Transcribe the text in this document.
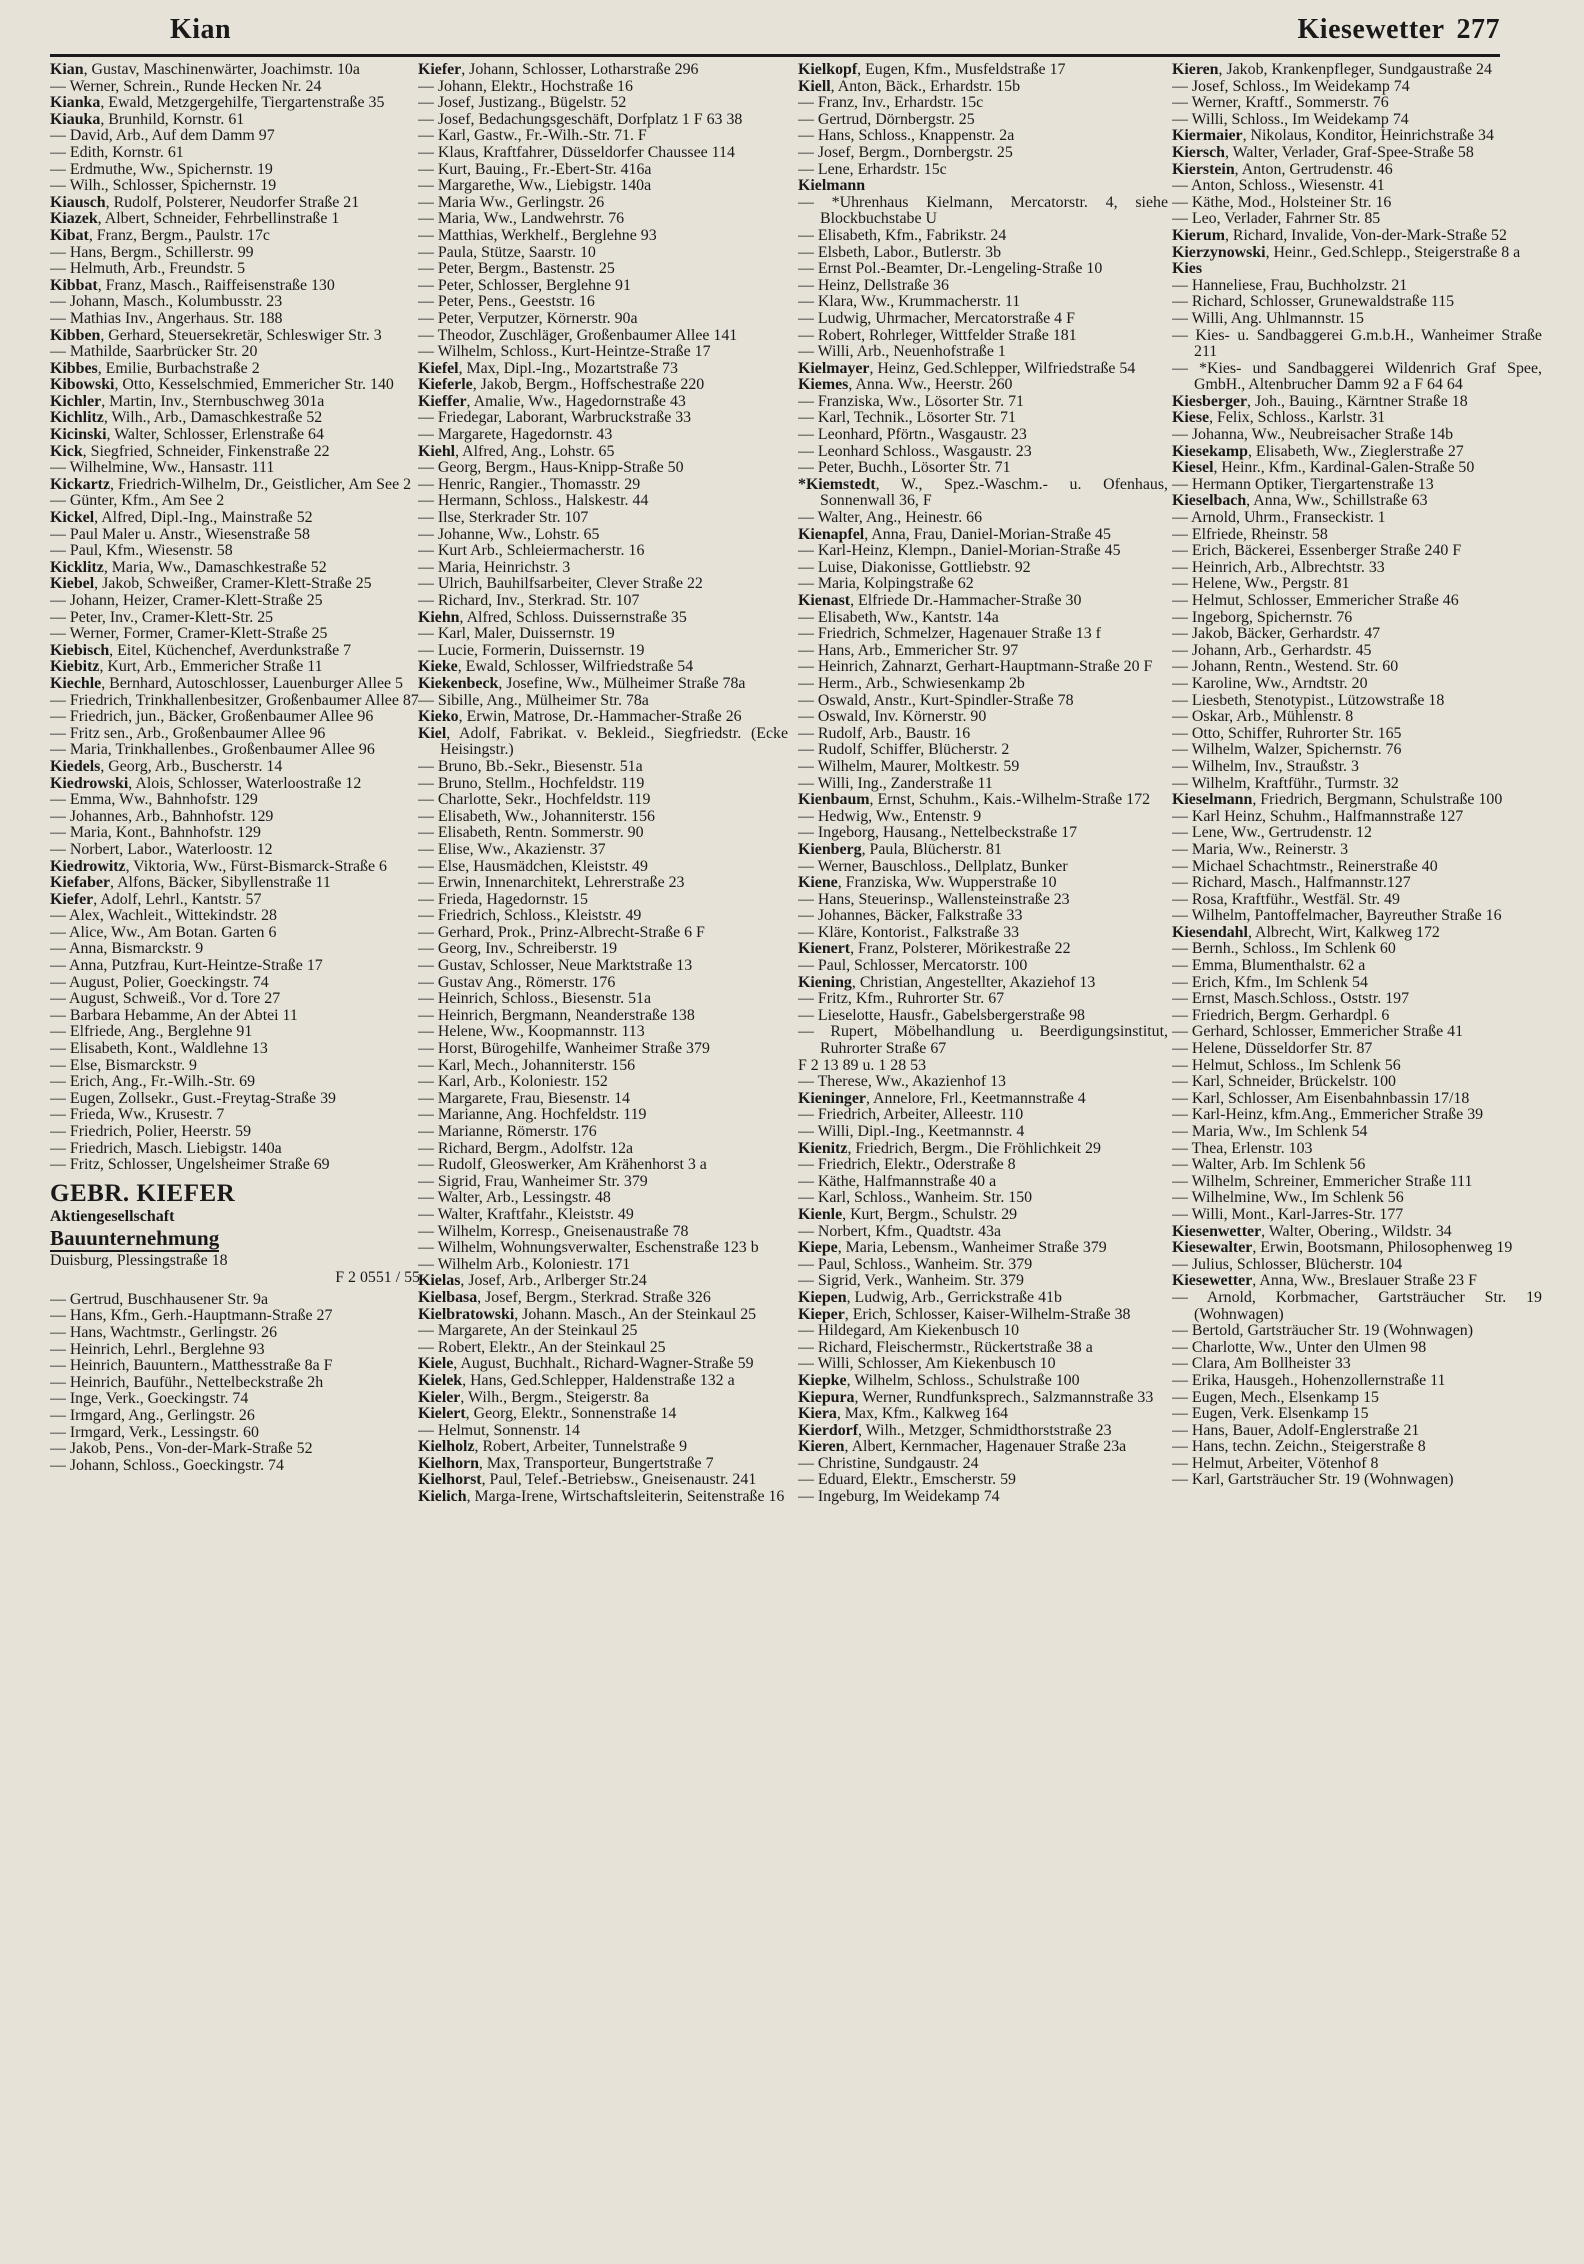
Kian	Kiesewetter 277

Kian, Gustav, Maschinenwärter, Joachimstr. 10a

— Werner, Schrein., Runde Hecken Nr. 24

Kianka, Ewald, Metzgergehilfe, Tiergartenstraße 35

Kiauka, Brunhild, Kornstr. 61

— David, Arb., Auf dem Damm 97

— Edith, Kornstr. 61

— Erdmuthe, Ww., Spichernstr. 19

— Wilh., Schlosser, Spichernstr. 19

Kiausch, Rudolf, Polsterer, Neudorfer Straße 21

Kiazek, Albert, Schneider, Fehrbellinstraße 1

Kibat, Franz, Bergm., Paulstr. 17c

— Hans, Bergm., Schillerstr. 99

— Helmuth, Arb., Freundstr. 5

Kibbat, Franz, Masch., Raiffeisenstraße 130

— Johann, Masch., Kolumbusstr. 23

— Mathias Inv., Angerhaus. Str. 188

Kibben, Gerhard, Steuersekretär, Schleswiger Str. 3

— Mathilde, Saarbrücker Str. 20

Kibbes, Emilie, Burbachstraße 2

Kibowski, Otto, Kesselschmied, Emmericher Str. 140

Kichler, Martin, Inv., Sternbuschweg 301a

Kichlitz, Wilh., Arb., Damaschkestraße 52

Kicinski, Walter, Schlosser, Erlenstraße 64

Kick, Siegfried, Schneider, Finkenstraße 22

— Wilhelmine, Ww., Hansastr. 111

Kickartz, Friedrich-Wilhelm, Dr., Geistlicher, Am See 2

— Günter, Kfm., Am See 2

Kickel, Alfred, Dipl.-Ing., Mainstraße 52

— Paul Maler u. Anstr., Wiesenstraße 58

— Paul, Kfm., Wiesenstr. 58

Kicklitz, Maria, Ww., Damaschkestraße 52

Kiebel, Jakob, Schweißer, Cramer-Klett-Straße 25

— Johann, Heizer, Cramer-Klett-Straße 25

— Peter, Inv., Cramer-Klett-Str. 25

— Werner, Former, Cramer-Klett-Straße 25

Kiebisch, Eitel, Küchenchef, Averdunkstraße 7

Kiebitz, Kurt, Arb., Emmericher Straße 11

Kiechle, Bernhard, Autoschlosser, Lauenburger Allee 5

— Friedrich, Trinkhallenbesitzer, Großenbaumer Allee 87

— Friedrich, jun., Bäcker, Großenbaumer Allee 96

— Fritz sen., Arb., Großenbaumer Allee 96

— Maria, Trinkhallenbes., Großenbaumer Allee 96

Kiedels, Georg, Arb., Buscherstr. 14

Kiedrowski, Alois, Schlosser, Waterloostraße 12

— Emma, Ww., Bahnhofstr. 129

— Johannes, Arb., Bahnhofstr. 129

— Maria, Kont., Bahnhofstr. 129

— Norbert, Labor., Waterloostr. 12

Kiedrowitz, Viktoria, Ww., Fürst-Bismarck-Straße 6

Kiefaber, Alfons, Bäcker, Sibyllenstraße 11

Kiefer, Adolf, Lehrl., Kantstr. 57

— Alex, Wachleit., Wittekindstr. 28

— Alice, Ww., Am Botan. Garten 6

— Anna, Bismarckstr. 9

— Anna, Putzfrau, Kurt-Heintze-Straße 17

— August, Polier, Goeckingstr. 74

— August, Schweiß., Vor d. Tore 27

— Barbara Hebamme, An der Abtei 11

— Elfriede, Ang., Berglehne 91

— Elisabeth, Kont., Waldlehne 13

— Else, Bismarckstr. 9

— Erich, Ang., Fr.-Wilh.-Str. 69

— Eugen, Zollsekr., Gust.-Freytag-Straße 39

— Frieda, Ww., Krusestr. 7

— Friedrich, Polier, Heerstr. 59

— Friedrich, Masch. Liebigstr. 140a

— Fritz, Schlosser, Ungelsheimer Straße 69

GEBR. KIEFER
Aktiengesellschaft
Bauunternehmung
Duisburg, Plessingstraße 18
F 2 0551 / 55

— Gertrud, Buschhausener Str. 9a

— Hans, Kfm., Gerh.-Hauptmann-Straße 27

— Hans, Wachtmstr., Gerlingstr. 26

— Heinrich, Lehrl., Berglehne 93

— Heinrich, Bauuntern., Matthesstraße 8a F

— Heinrich, Bauführ., Nettelbeckstraße 2h

— Inge, Verk., Goeckingstr. 74

— Irmgard, Ang., Gerlingstr. 26

— Irmgard, Verk., Lessingstr. 60

— Jakob, Pens., Von-der-Mark-Straße 52

— Johann, Schloss., Goeckingstr. 74

Kiefer, Johann, Schlosser, Lotharstraße 296

— Johann, Elektr., Hochstraße 16

— Josef, Justizang., Bügelstr. 52

— Josef, Bedachungsgeschäft, Dorfplatz 1 F 63 38

— Karl, Gastw., Fr.-Wilh.-Str. 71. F

— Klaus, Kraftfahrer, Düsseldorfer Chaussee 114

— Kurt, Bauing., Fr.-Ebert-Str. 416a

— Margarethe, Ww., Liebigstr. 140a

— Maria Ww., Gerlingstr. 26

— Maria, Ww., Landwehrstr. 76

— Matthias, Werkhelf., Berglehne 93

— Paula, Stütze, Saarstr. 10

— Peter, Bergm., Bastenstr. 25

— Peter, Schlosser, Berglehne 91

— Peter, Pens., Geeststr. 16

— Peter, Verputzer, Körnerstr. 90a

— Theodor, Zuschläger, Großenbaumer Allee 141

— Wilhelm, Schloss., Kurt-Heintze-Straße 17

Kiefel, Max, Dipl.-Ing., Mozartstraße 73

Kieferle, Jakob, Bergm., Hoffschestraße 220

Kieffer, Amalie, Ww., Hagedornstraße 43

— Friedegar, Laborant, Warbruckstraße 33

— Margarete, Hagedornstr. 43

Kiehl, Alfred, Ang., Lohstr. 65

— Georg, Bergm., Haus-Knipp-Straße 50

— Henric, Rangier., Thomasstr. 29

— Hermann, Schloss., Halskestr. 44

— Ilse, Sterkrader Str. 107

— Johanne, Ww., Lohstr. 65

— Kurt Arb., Schleiermacherstr. 16

— Maria, Heinrichstr. 3

— Ulrich, Bauhilfsarbeiter, Clever Straße 22

— Richard, Inv., Sterkrad. Str. 107

Kiehn, Alfred, Schloss. Duissernstraße 35

— Karl, Maler, Duissernstr. 19

— Lucie, Formerin, Duissernstr. 19

Kieke, Ewald, Schlosser, Wilfriedstraße 54

Kiekenbeck, Josefine, Ww., Mülheimer Straße 78a

— Sibille, Ang., Mülheimer Str. 78a

Kieko, Erwin, Matrose, Dr.-Hammacher-Straße 26

Kiel, Adolf, Fabrikat. v. Bekleid., Siegfriedstr. (Ecke Heisingstr.)

— Bruno, Bb.-Sekr., Biesenstr. 51a

— Bruno, Stellm., Hochfeldstr. 119

— Charlotte, Sekr., Hochfeldstr. 119

— Elisabeth, Ww., Johanniterstr. 156

— Elisabeth, Rentn. Sommerstr. 90

— Elise, Ww., Akazienstr. 37

— Else, Hausmädchen, Kleiststr. 49

— Erwin, Innenarchitekt, Lehrerstraße 23

— Frieda, Hagedornstr. 15

— Friedrich, Schloss., Kleiststr. 49

— Gerhard, Prok., Prinz-Albrecht-Straße 6 F

— Georg, Inv., Schreiberstr. 19

— Gustav, Schlosser, Neue Marktstraße 13

— Gustav Ang., Römerstr. 176

— Heinrich, Schloss., Biesenstr. 51a

— Heinrich, Bergmann, Neanderstraße 138

— Helene, Ww., Koopmannstr. 113

— Horst, Bürogehilfe, Wanheimer Straße 379

— Karl, Mech., Johanniterstr. 156

— Karl, Arb., Koloniestr. 152

— Margarete, Frau, Biesenstr. 14

— Marianne, Ang. Hochfeldstr. 119

— Marianne, Römerstr. 176

— Richard, Bergm., Adolfstr. 12a

— Rudolf, Gleoswerker, Am Krähenhorst 3 a

— Sigrid, Frau, Wanheimer Str. 379

— Walter, Arb., Lessingstr. 48

— Walter, Kraftfahr., Kleiststr. 49

— Wilhelm, Korresp., Gneisenaustraße 78

— Wilhelm, Wohnungsverwalter, Eschenstraße 123 b

— Wilhelm Arb., Koloniestr. 171

Kielas, Josef, Arb., Arlberger Str.24

Kielbasa, Josef, Bergm., Sterkrad. Straße 326

Kielbratowski, Johann. Masch., An der Steinkaul 25

— Margarete, An der Steinkaul 25

— Robert, Elektr., An der Steinkaul 25

Kiele, August, Buchhalt., Richard-Wagner-Straße 59

Kielek, Hans, Ged.Schlepper, Haldenstraße 132 a

Kieler, Wilh., Bergm., Steigerstr. 8a

Kielert, Georg, Elektr., Sonnenstraße 14

— Helmut, Sonnenstr. 14

Kielholz, Robert, Arbeiter, Tunnelstraße 9

Kielhorn, Max, Transporteur, Bungertstraße 7

Kielhorst, Paul, Telef.-Betriebsw., Gneisenaustr. 241

Kielich, Marga-Irene, Wirtschaftsleiterin, Seitenstraße 16

Kielkopf, Eugen, Kfm., Musfeldstraße 17

Kiell, Anton, Bäck., Erhardstr. 15b

— Franz, Inv., Erhardstr. 15c

— Gertrud, Dörnbergstr. 25

— Hans, Schloss., Knappenstr. 2a

— Josef, Bergm., Dornbergstr. 25

— Lene, Erhardstr. 15c

Kielmann

— *Uhrenhaus Kielmann, Mercatorstr. 4, siehe Blockbuchstabe U

— Elisabeth, Kfm., Fabrikstr. 24

— Elsbeth, Labor., Butlerstr. 3b

— Ernst Pol.-Beamter, Dr.-Lengeling-Straße 10

— Heinz, Dellstraße 36

— Klara, Ww., Krummacherstr. 11

— Ludwig, Uhrmacher, Mercatorstraße 4 F

— Robert, Rohrleger, Wittfelder Straße 181

— Willi, Arb., Neuenhofstraße 1

Kielmayer, Heinz, Ged.Schlepper, Wilfriedstraße 54

Kiemes, Anna. Ww., Heerstr. 260

— Franziska, Ww., Lösorter Str. 71

— Karl, Technik., Lösorter Str. 71

— Leonhard, Pförtn., Wasgaustr. 23

— Leonhard Schloss., Wasgaustr. 23

— Peter, Buchh., Lösorter Str. 71

*Kiemstedt, W., Spez.-Waschm.- u. Ofenhaus, Sonnenwall 36, F

— Walter, Ang., Heinestr. 66

Kienapfel, Anna, Frau, Daniel-Morian-Straße 45

— Karl-Heinz, Klempn., Daniel-Morian-Straße 45

— Luise, Diakonisse, Gottliebstr. 92

— Maria, Kolpingstraße 62

Kienast, Elfriede Dr.-Hammacher-Straße 30

— Elisabeth, Ww., Kantstr. 14a

— Friedrich, Schmelzer, Hagenauer Straße 13 f

— Hans, Arb., Emmericher Str. 97

— Heinrich, Zahnarzt, Gerhart-Hauptmann-Straße 20 F

— Herm., Arb., Schwiesenkamp 2b

— Oswald, Anstr., Kurt-Spindler-Straße 78

— Oswald, Inv. Körnerstr. 90

— Rudolf, Arb., Baustr. 16

— Rudolf, Schiffer, Blücherstr. 2

— Wilhelm, Maurer, Moltkestr. 59

— Willi, Ing., Zanderstraße 11

Kienbaum, Ernst, Schuhm., Kais.-Wilhelm-Straße 172

— Hedwig, Ww., Entenstr. 9

— Ingeborg, Hausang., Nettelbeckstraße 17

Kienberg, Paula, Blücherstr. 81

— Werner, Bauschloss., Dellplatz, Bunker

Kiene, Franziska, Ww. Wupperstraße 10

— Hans, Steuerinsp., Wallensteinstraße 23

— Johannes, Bäcker, Falkstraße 33

— Kläre, Kontorist., Falkstraße 33

Kienert, Franz, Polsterer, Mörikestraße 22

— Paul, Schlosser, Mercatorstr. 100

Kiening, Christian, Angestellter, Akaziehof 13

— Fritz, Kfm., Ruhrorter Str. 67

— Lieselotte, Hausfr., Gabelsbergerstraße 98

— Rupert, Möbelhandlung u. Beerdigungsinstitut, Ruhrorter Straße 67

F 2 13 89 u. 1 28 53

— Therese, Ww., Akazienhof 13

Kieninger, Annelore, Frl., Keetmannstraße 4

— Friedrich, Arbeiter, Alleestr. 110

— Willi, Dipl.-Ing., Keetmannstr. 4

Kienitz, Friedrich, Bergm., Die Fröhlichkeit 29

— Friedrich, Elektr., Oderstraße 8

— Käthe, Halfmannstraße 40 a

— Karl, Schloss., Wanheim. Str. 150

Kienle, Kurt, Bergm., Schulstr. 29

— Norbert, Kfm., Quadtstr. 43a

Kiepe, Maria, Lebensm., Wanheimer Straße 379

— Paul, Schloss., Wanheim. Str. 379

— Sigrid, Verk., Wanheim. Str. 379

Kiepen, Ludwig, Arb., Gerrickstraße 41b

Kieper, Erich, Schlosser, Kaiser-Wilhelm-Straße 38

— Hildegard, Am Kiekenbusch 10

— Richard, Fleischermstr., Rückertstraße 38 a

— Willi, Schlosser, Am Kiekenbusch 10

Kiepke, Wilhelm, Schloss., Schulstraße 100

Kiepura, Werner, Rundfunksprech., Salzmannstraße 33

Kiera, Max, Kfm., Kalkweg 164

Kierdorf, Wilh., Metzger, Schmidthorststraße 23

Kieren, Albert, Kernmacher, Hagenauer Straße 23a

— Christine, Sundgaustr. 24

— Eduard, Elektr., Emscherstr. 59

— Ingeburg, Im Weidekamp 74

Kieren, Jakob, Krankenpfleger, Sundgaustraße 24

— Josef, Schloss., Im Weidekamp 74

— Werner, Kraftf., Sommerstr. 76

— Willi, Schloss., Im Weidekamp 74

Kiermaier, Nikolaus, Konditor, Heinrichstraße 34

Kiersch, Walter, Verlader, Graf-Spee-Straße 58

Kierstein, Anton, Gertrudenstr. 46

— Anton, Schloss., Wiesenstr. 41

— Käthe, Mod., Holsteiner Str. 16

— Leo, Verlader, Fahrner Str. 85

Kierum, Richard, Invalide, Von-der-Mark-Straße 52

Kierzynowski, Heinr., Ged.Schlepp., Steigerstraße 8 a

Kies

— Hanneliese, Frau, Buchholzstr. 21

— Richard, Schlosser, Grunewaldstraße 115

— Willi, Ang. Uhlmannstr. 15

— Kies- u. Sandbaggerei G.m.b.H., Wanheimer Straße 211

— *Kies- und Sandbaggerei Wildenrich Graf Spee, GmbH., Altenbrucher Damm 92 a F 64 64

Kiesberger, Joh., Bauing., Kärntner Straße 18

Kiese, Felix, Schloss., Karlstr. 31

— Johanna, Ww., Neubreisacher Straße 14b

Kiesekamp, Elisabeth, Ww., Zieglerstraße 27

Kiesel, Heinr., Kfm., Kardinal-Galen-Straße 50

— Hermann Optiker, Tiergartenstraße 13

Kieselbach, Anna, Ww., Schillstraße 63

— Arnold, Uhrm., Franseckistr. 1

— Elfriede, Rheinstr. 58

— Erich, Bäckerei, Essenberger Straße 240 F

— Heinrich, Arb., Albrechtstr. 33

— Helene, Ww., Pergstr. 81

— Helmut, Schlosser, Emmericher Straße 46

— Ingeborg, Spichernstr. 76

— Jakob, Bäcker, Gerhardstr. 47

— Johann, Arb., Gerhardstr. 45

— Johann, Rentn., Westend. Str. 60

— Karoline, Ww., Arndtstr. 20

— Liesbeth, Stenotypist., Lützowstraße 18

— Oskar, Arb., Mühlenstr. 8

— Otto, Schiffer, Ruhrorter Str. 165

— Wilhelm, Walzer, Spichernstr. 76

— Wilhelm, Inv., Straußstr. 3

— Wilhelm, Kraftführ., Turmstr. 32

Kieselmann, Friedrich, Bergmann, Schulstraße 100

— Karl Heinz, Schuhm., Halfmannstraße 127

— Lene, Ww., Gertrudenstr. 12

— Maria, Ww., Reinerstr. 3

— Michael Schachtmstr., Reinerstraße 40

— Richard, Masch., Halfmannstr.127

— Rosa, Kraftführ., Westfäl. Str. 49

— Wilhelm, Pantoffelmacher, Bayreuther Straße 16

Kiesendahl, Albrecht, Wirt, Kalkweg 172

— Bernh., Schloss., Im Schlenk 60

— Emma, Blumenthalstr. 62 a

— Erich, Kfm., Im Schlenk 54

— Ernst, Masch.Schloss., Oststr. 197

— Friedrich, Bergm. Gerhardpl. 6

— Gerhard, Schlosser, Emmericher Straße 41

— Helene, Düsseldorfer Str. 87

— Helmut, Schloss., Im Schlenk 56

— Karl, Schneider, Brückelstr. 100

— Karl, Schlosser, Am Eisenbahnbassin 17/18

— Karl-Heinz, kfm.Ang., Emmericher Straße 39

— Maria, Ww., Im Schlenk 54

— Thea, Erlenstr. 103

— Walter, Arb. Im Schlenk 56

— Wilhelm, Schreiner, Emmericher Straße 111

— Wilhelmine, Ww., Im Schlenk 56

— Willi, Mont., Karl-Jarres-Str. 177

Kiesenwetter, Walter, Obering., Wildstr. 34

Kiesewalter, Erwin, Bootsmann, Philosophenweg 19

— Julius, Schlosser, Blücherstr. 104

Kiesewetter, Anna, Ww., Breslauer Straße 23 F

— Arnold, Korbmacher, Gartsträucher Str. 19 (Wohnwagen)

— Bertold, Gartsträucher Str. 19 (Wohnwagen)

— Charlotte, Ww., Unter den Ulmen 98

— Clara, Am Bollheister 33

— Erika, Hausgeh., Hohenzollernstraße 11

— Eugen, Mech., Elsenkamp 15

— Eugen, Verk. Elsenkamp 15

— Hans, Bauer, Adolf-Englerstraße 21

— Hans, techn. Zeichn., Steigerstraße 8

— Helmut, Arbeiter, Vötenhof 8

— Karl, Gartsträucher Str. 19 (Wohnwagen)
